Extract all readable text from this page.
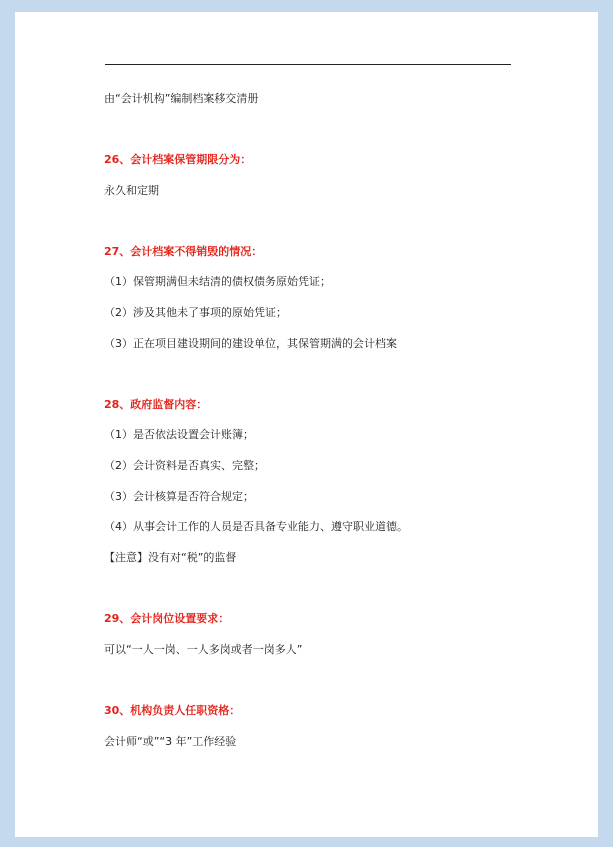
由“会计机构”编制档案移交清册
26、会计档案保管期限分为：
永久和定期
27、会计档案不得销毁的情况：
（1）保管期满但未结清的债权债务原始凭证；
（2）涉及其他未了事项的原始凭证；
（3）正在项目建设期间的建设单位，其保管期满的会计档案
28、政府监督内容：
（1）是否依法设置会计账簿；
（2）会计资料是否真实、完整；
（3）会计核算是否符合规定；
（4）从事会计工作的人员是否具备专业能力、遵守职业道德。
【注意】没有对“税”的监督
29、会计岗位设置要求：
可以“一人一岗、一人多岗或者一岗多人”
30、机构负责人任职资格：
会计师“或”“3 年”工作经验
